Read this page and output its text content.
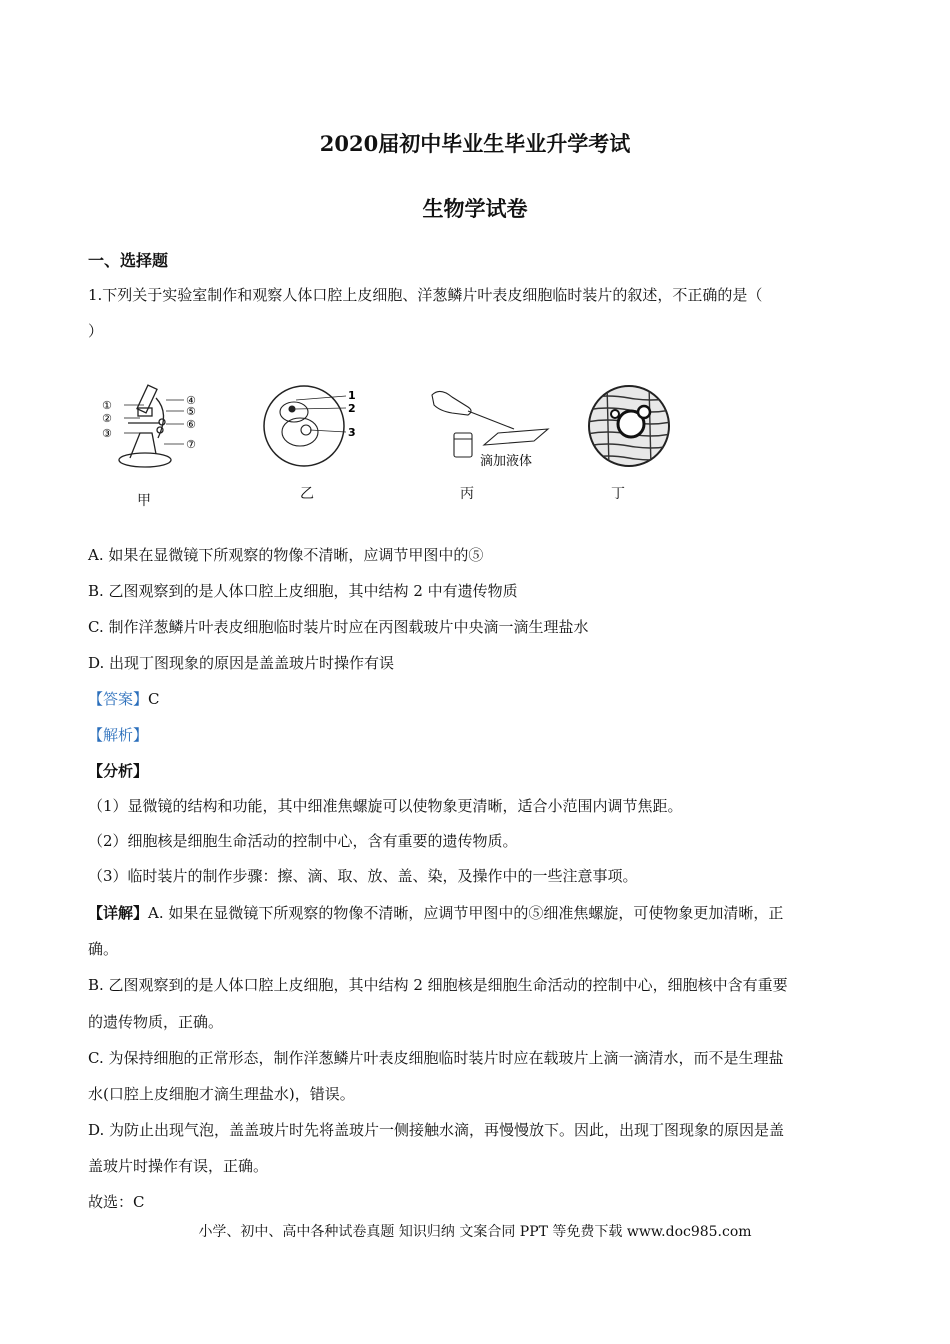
2020届初中毕业生毕业升学考试
生物学试卷
一、选择题
1.下列关于实验室制作和观察人体口腔上皮细胞、洋葱鳞片叶表皮细胞临时装片的叙述，不正确的是（
）
①
②
③
④
⑤
⑥
⑦
甲
1
2
3
乙
滴加液体
丙	丁
A. 如果在显微镜下所观察的物像不清晰，应调节甲图中的⑤
B. 乙图观察到的是人体口腔上皮细胞，其中结构 2 中有遗传物质
C. 制作洋葱鳞片叶表皮细胞临时装片时应在丙图载玻片中央滴一滴生理盐水
D. 出现丁图现象的原因是盖盖玻片时操作有误
【答案】C
【解析】
【分析】
（1）显微镜的结构和功能，其中细准焦螺旋可以使物象更清晰，适合小范围内调节焦距。
（2）细胞核是细胞生命活动的控制中心，含有重要的遗传物质。
（3）临时装片的制作步骤：擦、滴、取、放、盖、染，及操作中的一些注意事项。
【详解】A. 如果在显微镜下所观察的物像不清晰，应调节甲图中的⑤细准焦螺旋，可使物象更加清晰，正
确。
B. 乙图观察到的是人体口腔上皮细胞，其中结构 2 细胞核是细胞生命活动的控制中心，细胞核中含有重要
的遗传物质，正确。
C. 为保持细胞的正常形态，制作洋葱鳞片叶表皮细胞临时装片时应在载玻片上滴一滴清水，而不是生理盐
水(口腔上皮细胞才滴生理盐水)，错误。
D. 为防止出现气泡，盖盖玻片时先将盖玻片一侧接触水滴，再慢慢放下。因此，出现丁图现象的原因是盖
盖玻片时操作有误，正确。
故选：C
小学、初中、高中各种试卷真题 知识归纳 文案合同 PPT 等免费下载 www.doc985.com
